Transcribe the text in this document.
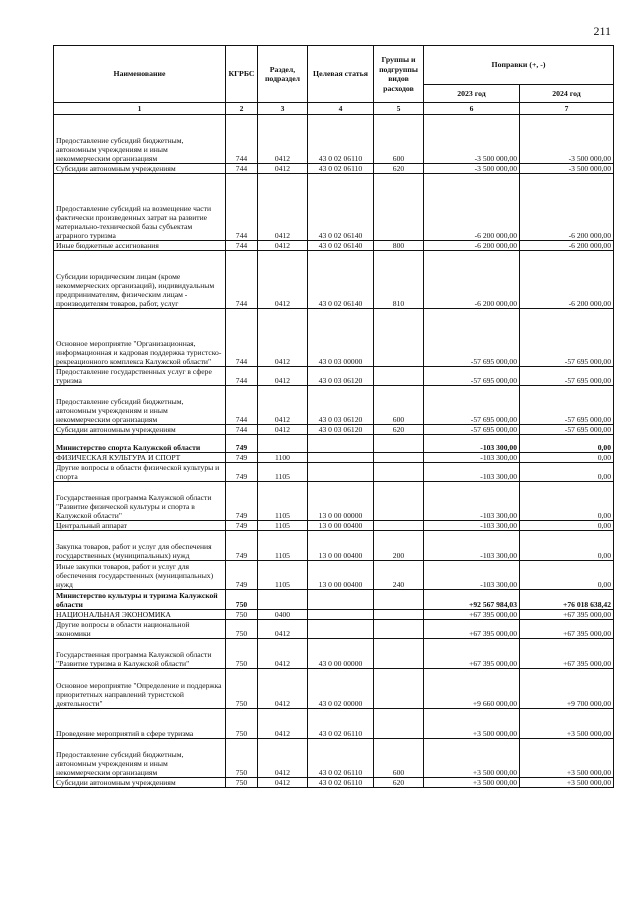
211
Наименование	КГРБС	Раздел, подраздел	Целевая статья	Группы и подгруппы видов расходов	Поправки (+, -)	
					2023 год	2024 год
1	2	3	4	5	6	7
Предоставление субсидий бюджетным, автономным учреждениям и иным некоммерческим организациям	744	0412	43 0 02 06110	600	-3 500 000,00	-3 500 000,00
Субсидии автономным учреждениям	744	0412	43 0 02 06110	620	-3 500 000,00	-3 500 000,00
Предоставление субсидий на возмещение части фактически произведенных затрат на развитие материально-технической базы субъектам аграрного туризма	744	0412	43 0 02 06140		-6 200 000,00	-6 200 000,00
Иные бюджетные ассигнования	744	0412	43 0 02 06140	800	-6 200 000,00	-6 200 000,00
Субсидии юридическим лицам (кроме некоммерческих организаций), индивидуальным предпринимателям, физическим лицам - производителям товаров, работ, услуг	744	0412	43 0 02 06140	810	-6 200 000,00	-6 200 000,00
Основное мероприятие "Организационная, информационная и кадровая поддержка туристско-рекреационного комплекса Калужской области"	744	0412	43 0 03 00000		-57 695 000,00	-57 695 000,00
Предоставление государственных услуг в сфере туризма	744	0412	43 0 03 06120		-57 695 000,00	-57 695 000,00
Предоставление субсидий бюджетным, автономным учреждениям и иным некоммерческим организациям	744	0412	43 0 03 06120	600	-57 695 000,00	-57 695 000,00
Субсидии автономным учреждениям	744	0412	43 0 03 06120	620	-57 695 000,00	-57 695 000,00
Министерство спорта Калужской области	749				-103 300,00	0,00
ФИЗИЧЕСКАЯ КУЛЬТУРА И СПОРТ	749	1100			-103 300,00	0,00
Другие вопросы в области физической культуры и спорта	749	1105			-103 300,00	0,00
Государственная программа Калужской области "Развитие физической культуры и спорта в Калужской области"	749	1105	13 0 00 00000		-103 300,00	0,00
Центральный аппарат	749	1105	13 0 00 00400		-103 300,00	0,00
Закупка товаров, работ и услуг для обеспечения государственных (муниципальных) нужд	749	1105	13 0 00 00400	200	-103 300,00	0,00
Иные закупки товаров, работ и услуг для обеспечения государственных (муниципальных) нужд	749	1105	13 0 00 00400	240	-103 300,00	0,00
Министерство культуры и туризма Калужской области	750				+92 567 984,03	+76 018 638,42
НАЦИОНАЛЬНАЯ ЭКОНОМИКА	750	0400			+67 395 000,00	+67 395 000,00
Другие вопросы в области национальной экономики	750	0412			+67 395 000,00	+67 395 000,00
Государственная программа Калужской области "Развитие туризма в Калужской области"	750	0412	43 0 00 00000		+67 395 000,00	+67 395 000,00
Основное мероприятие "Определение и поддержка приоритетных направлений туристской деятельности"	750	0412	43 0 02 00000		+9 660 000,00	+9 700 000,00
Проведение мероприятий в сфере туризма	750	0412	43 0 02 06110		+3 500 000,00	+3 500 000,00
Предоставление субсидий бюджетным, автономным учреждениям и иным некоммерческим организациям	750	0412	43 0 02 06110	600	+3 500 000,00	+3 500 000,00
Субсидии автономным учреждениям	750	0412	43 0 02 06110	620	+3 500 000,00	+3 500 000,00
